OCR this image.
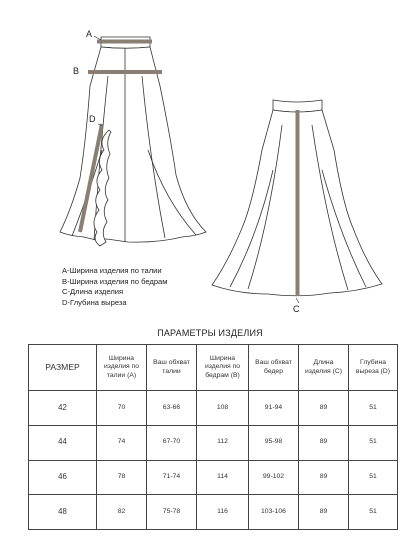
A
B
D
C
A-Ширина изделия по талии
B-Ширина изделия по бедрам
C-Длина изделия
D-Глубина выреза
ПАРАМЕТРЫ ИЗДЕЛИЯ
РАЗМЕР	Ширина изделия по талии (A)	Ваш обхват талии	Ширина изделия по бедрам (B)	Ваш обхват бедер	Длина изделия (C)	Глубина выреза (D)
42	70	63-66	108	91-94	89	51
44	74	67-70	112	95-98	89	51
46	78	71-74	114	99-102	89	51
48	82	75-78	116	103-106	89	51
